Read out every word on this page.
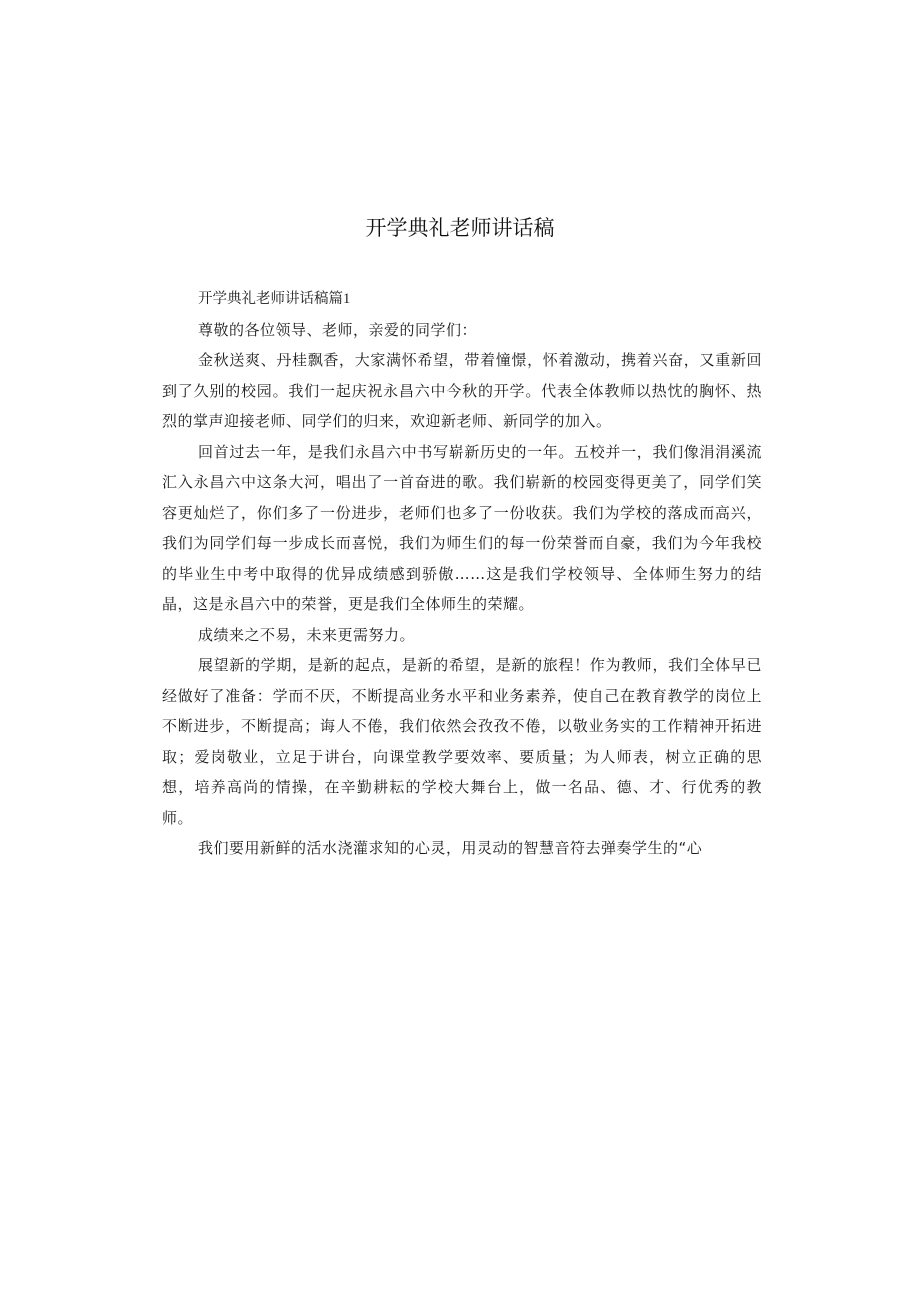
开学典礼老师讲话稿
开学典礼老师讲话稿篇1

尊敬的各位领导、老师，亲爱的同学们：

金秋送爽、丹桂飘香，大家满怀希望，带着憧憬，怀着激动，携着兴奋，又重新回到了久别的校园。我们一起庆祝永昌六中今秋的开学。代表全体教师以热忱的胸怀、热烈的掌声迎接老师、同学们的归来，欢迎新老师、新同学的加入。

回首过去一年，是我们永昌六中书写崭新历史的一年。五校并一，我们像涓涓溪流汇入永昌六中这条大河，唱出了一首奋进的歌。我们崭新的校园变得更美了，同学们笑容更灿烂了，你们多了一份进步，老师们也多了一份收获。我们为学校的落成而高兴，我们为同学们每一步成长而喜悦，我们为师生们的每一份荣誉而自豪，我们为今年我校的毕业生中考中取得的优异成绩感到骄傲……这是我们学校领导、全体师生努力的结晶，这是永昌六中的荣誉，更是我们全体师生的荣耀。

成绩来之不易，未来更需努力。

展望新的学期，是新的起点，是新的希望，是新的旅程！作为教师，我们全体早已经做好了准备：学而不厌，不断提高业务水平和业务素养，使自己在教育教学的岗位上不断进步，不断提高；诲人不倦，我们依然会孜孜不倦，以敬业务实的工作精神开拓进取；爱岗敬业，立足于讲台，向课堂教学要效率、要质量；为人师表，树立正确的思想，培养高尚的情操，在辛勤耕耘的学校大舞台上，做一名品、德、才、行优秀的教师。

我们要用新鲜的活水浇灌求知的心灵，用灵动的智慧音符去弹奏学生的“心
